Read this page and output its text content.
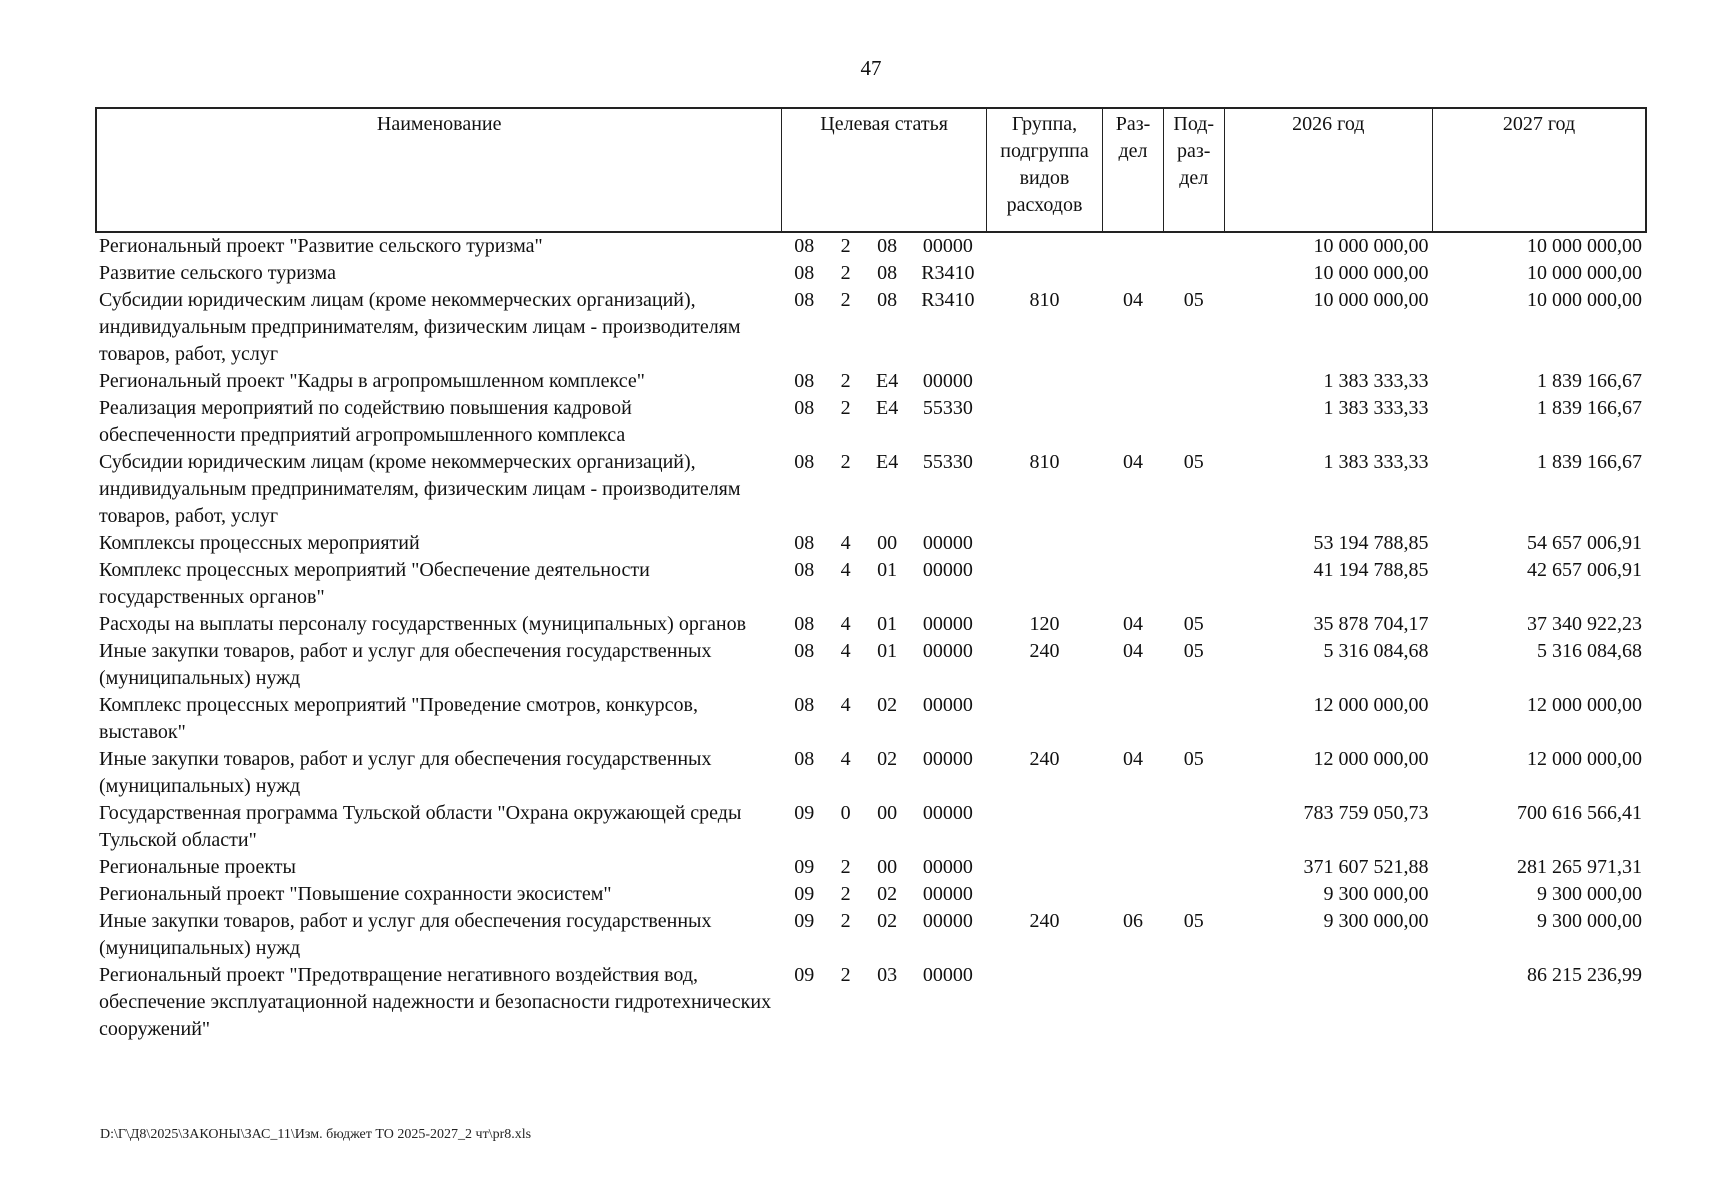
47
Наименование	Целевая статья				Группа, подгруппа видов расходов	Раз- дел	Под- раз- дел	2026 год	2027 год
Региональный проект "Развитие сельского туризма"	08	2	08	00000				10 000 000,00	10 000 000,00
Развитие сельского туризма	08	2	08	R3410				10 000 000,00	10 000 000,00
Субсидии юридическим лицам (кроме некоммерческих организаций), индивидуальным предпринимателям, физическим лицам - производителям товаров, работ, услуг	08	2	08	R3410	810	04	05	10 000 000,00	10 000 000,00
Региональный проект "Кадры в агропромышленном комплексе"	08	2	E4	00000				1 383 333,33	1 839 166,67
Реализация мероприятий по содействию повышения кадровой обеспеченности предприятий агропромышленного комплекса	08	2	E4	55330				1 383 333,33	1 839 166,67
Субсидии юридическим лицам (кроме некоммерческих организаций), индивидуальным предпринимателям, физическим лицам - производителям товаров, работ, услуг	08	2	E4	55330	810	04	05	1 383 333,33	1 839 166,67
Комплексы процессных мероприятий	08	4	00	00000				53 194 788,85	54 657 006,91
Комплекс процессных мероприятий "Обеспечение деятельности государственных органов"	08	4	01	00000				41 194 788,85	42 657 006,91
Расходы на выплаты персоналу государственных (муниципальных) органов	08	4	01	00000	120	04	05	35 878 704,17	37 340 922,23
Иные закупки товаров, работ и услуг для обеспечения государственных (муниципальных) нужд	08	4	01	00000	240	04	05	5 316 084,68	5 316 084,68
Комплекс процессных мероприятий "Проведение смотров, конкурсов, выставок"	08	4	02	00000				12 000 000,00	12 000 000,00
Иные закупки товаров, работ и услуг для обеспечения государственных (муниципальных) нужд	08	4	02	00000	240	04	05	12 000 000,00	12 000 000,00
Государственная программа Тульской области "Охрана окружающей среды Тульской области"	09	0	00	00000				783 759 050,73	700 616 566,41
Региональные проекты	09	2	00	00000				371 607 521,88	281 265 971,31
Региональный проект "Повышение сохранности экосистем"	09	2	02	00000				9 300 000,00	9 300 000,00
Иные закупки товаров, работ и услуг для обеспечения государственных (муниципальных) нужд	09	2	02	00000	240	06	05	9 300 000,00	9 300 000,00
Региональный проект "Предотвращение негативного воздействия вод, обеспечение эксплуатационной надежности и безопасности гидротехнических сооружений"	09	2	03	00000					86 215 236,99
D:\Г\Д8\2025\ЗАКОНЫ\ЗАС_11\Изм. бюджет ТО 2025-2027_2 чт\pr8.xls
